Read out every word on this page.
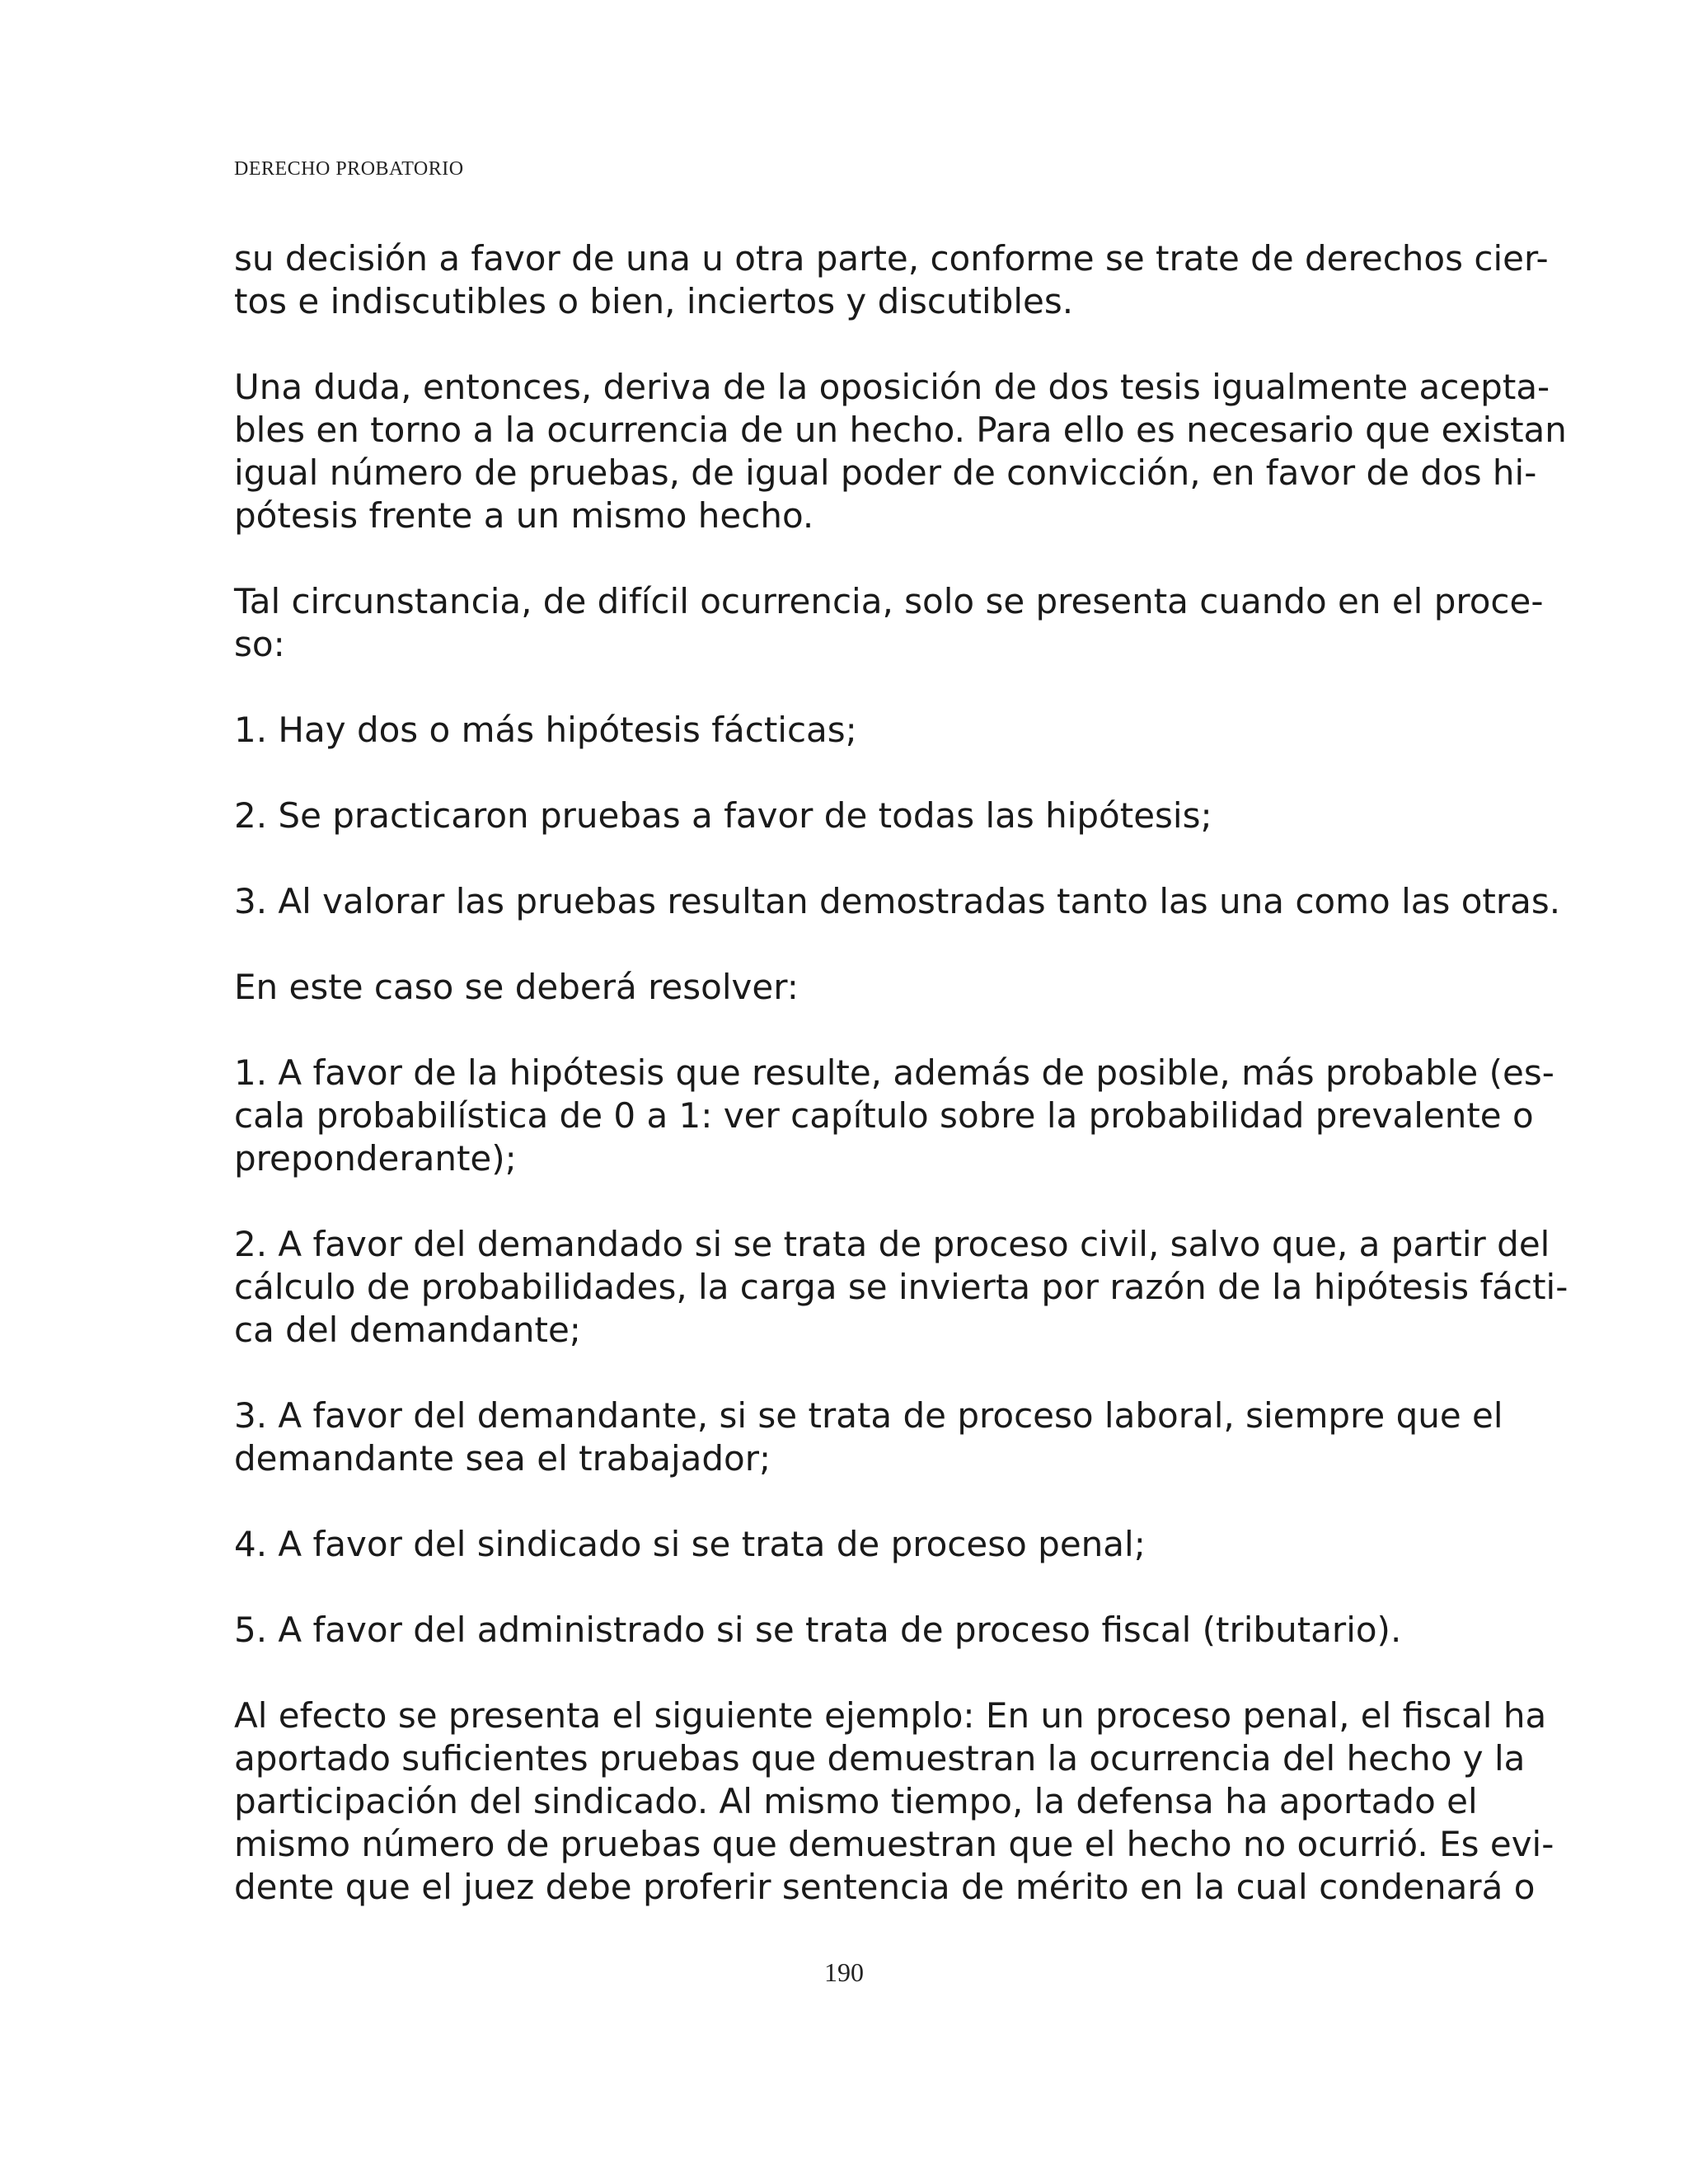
DERECHO PROBATORIO

su decisión a favor de una u otra parte, conforme se trate de derechos cier-
tos e indiscutibles o bien, inciertos y discutibles.

Una duda, entonces, deriva de la oposición de dos tesis igualmente acepta-
bles en torno a la ocurrencia de un hecho. Para ello es necesario que existan
igual número de pruebas, de igual poder de convicción, en favor de dos hi-
pótesis frente a un mismo hecho.

Tal circunstancia, de difícil ocurrencia, solo se presenta cuando en el proce-
so:

1. Hay dos o más hipótesis fácticas;

2. Se practicaron pruebas a favor de todas las hipótesis;

3. Al valorar las pruebas resultan demostradas tanto las una como las otras.

En este caso se deberá resolver:

1. A favor de la hipótesis que resulte, además de posible, más probable (es-
cala probabilística de 0 a 1: ver capítulo sobre la probabilidad prevalente o
preponderante);

2. A favor del demandado si se trata de proceso civil, salvo que, a partir del
cálculo de probabilidades, la carga se invierta por razón de la hipótesis fácti-
ca del demandante;

3. A favor del demandante, si se trata de proceso laboral, siempre que el
demandante sea el trabajador;

4. A favor del sindicado si se trata de proceso penal;

5. A favor del administrado si se trata de proceso fiscal (tributario).

Al efecto se presenta el siguiente ejemplo: En un proceso penal, el fiscal ha
aportado suficientes pruebas que demuestran la ocurrencia del hecho y la
participación del sindicado. Al mismo tiempo, la defensa ha aportado el
mismo número de pruebas que demuestran que el hecho no ocurrió. Es evi-
dente que el juez debe proferir sentencia de mérito en la cual condenará o

190
